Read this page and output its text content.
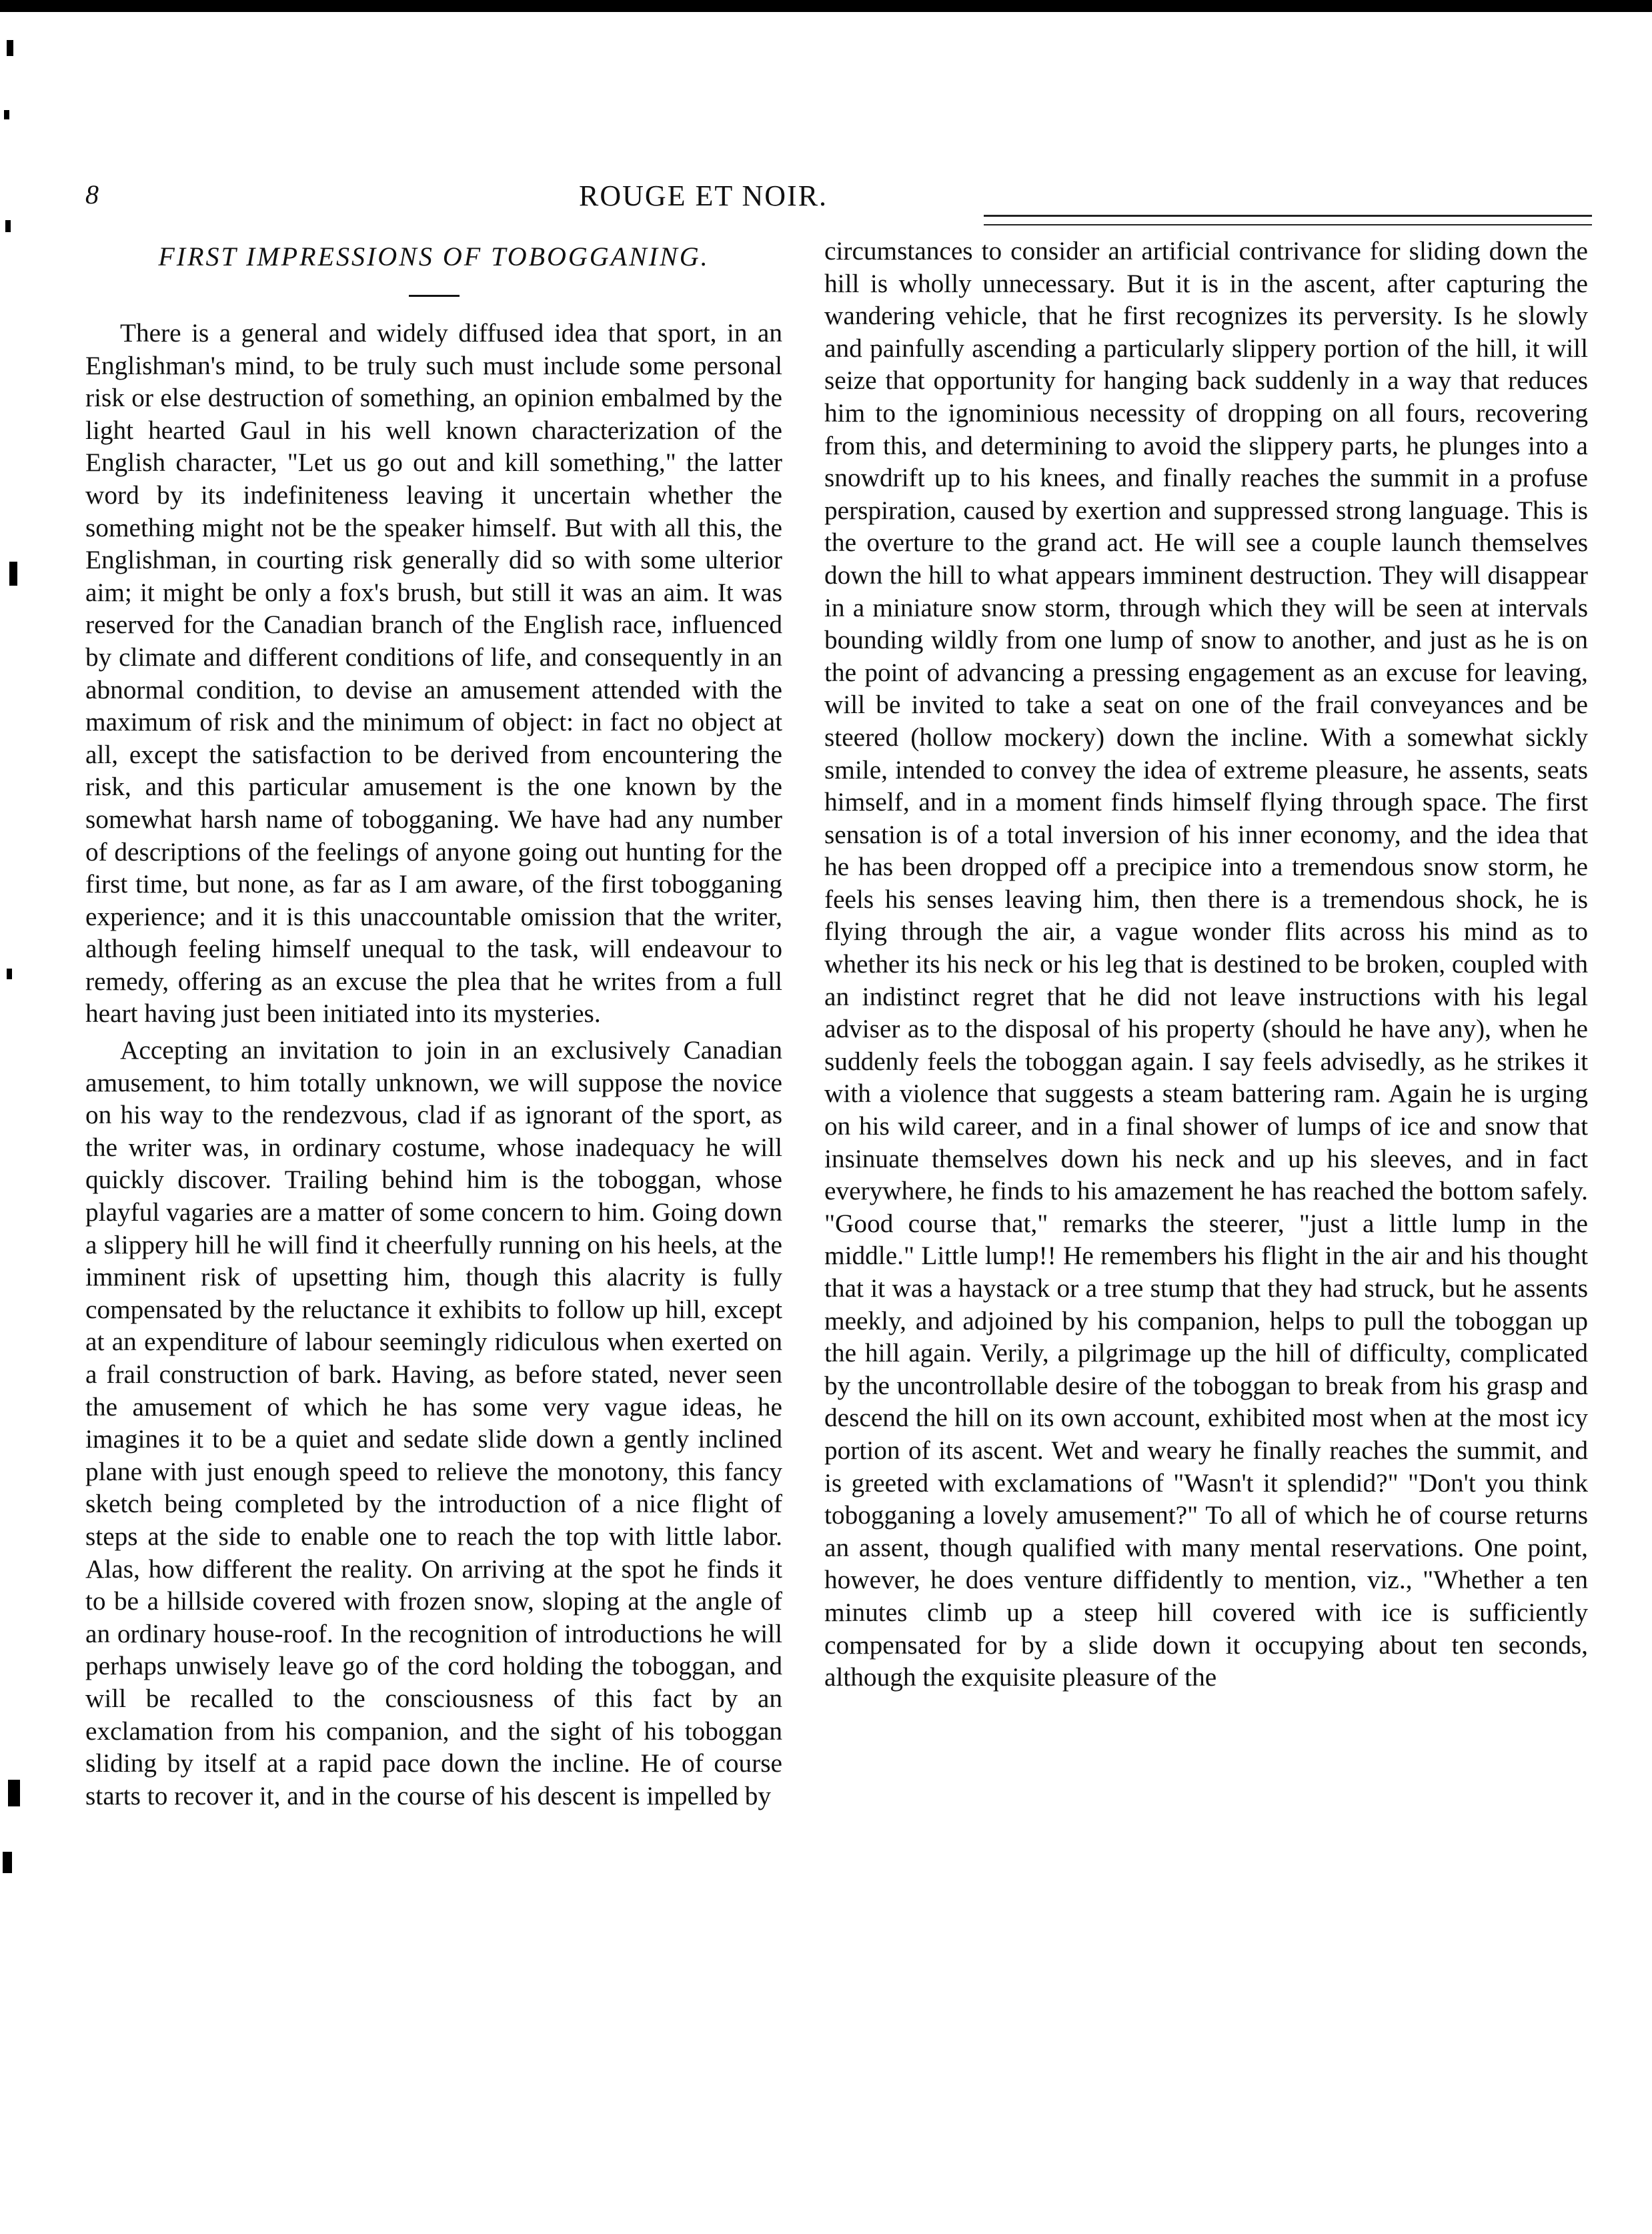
8	ROUGE ET NOIR.
FIRST IMPRESSIONS OF TOBOGGANING.

There is a general and widely diffused idea that sport, in an Englishman's mind, to be truly such must include some personal risk or else destruction of something, an opinion embalmed by the light hearted Gaul in his well known characterization of the English character, "Let us go out and kill something," the latter word by its indefiniteness leaving it uncertain whether the something might not be the speaker himself. But with all this, the Englishman, in courting risk generally did so with some ulterior aim; it might be only a fox's brush, but still it was an aim. It was reserved for the Canadian branch of the English race, influenced by climate and different conditions of life, and consequently in an abnormal condition, to devise an amusement attended with the maximum of risk and the minimum of object: in fact no object at all, except the satisfaction to be derived from encountering the risk, and this particular amusement is the one known by the somewhat harsh name of tobogganing. We have had any number of descriptions of the feelings of anyone going out hunting for the first time, but none, as far as I am aware, of the first tobogganing experience; and it is this unaccountable omission that the writer, although feeling himself unequal to the task, will endeavour to remedy, offering as an excuse the plea that he writes from a full heart having just been initiated into its mysteries.

Accepting an invitation to join in an exclusively Canadian amusement, to him totally unknown, we will suppose the novice on his way to the rendezvous, clad if as ignorant of the sport, as the writer was, in ordinary costume, whose inadequacy he will quickly discover. Trailing behind him is the toboggan, whose playful vagaries are a matter of some concern to him. Going down a slippery hill he will find it cheerfully running on his heels, at the imminent risk of upsetting him, though this alacrity is fully compensated by the reluctance it exhibits to follow up hill, except at an expenditure of labour seemingly ridiculous when exerted on a frail construction of bark. Having, as before stated, never seen the amusement of which he has some very vague ideas, he imagines it to be a quiet and sedate slide down a gently inclined plane with just enough speed to relieve the monotony, this fancy sketch being completed by the introduction of a nice flight of steps at the side to enable one to reach the top with little labor. Alas, how different the reality. On arriving at the spot he finds it to be a hillside covered with frozen snow, sloping at the angle of an ordinary house-roof. In the recognition of introductions he will perhaps unwisely leave go of the cord holding the toboggan, and will be recalled to the consciousness of this fact by an exclamation from his companion, and the sight of his toboggan sliding by itself at a rapid pace down the incline. He of course starts to recover it, and in the course of his descent is impelled by

circumstances to consider an artificial contrivance for sliding down the hill is wholly unnecessary. But it is in the ascent, after capturing the wandering vehicle, that he first recognizes its perversity. Is he slowly and painfully ascending a particularly slippery portion of the hill, it will seize that opportunity for hanging back suddenly in a way that reduces him to the ignominious necessity of dropping on all fours, recovering from this, and determining to avoid the slippery parts, he plunges into a snowdrift up to his knees, and finally reaches the summit in a profuse perspiration, caused by exertion and suppressed strong language. This is the overture to the grand act. He will see a couple launch themselves down the hill to what appears imminent destruction. They will disappear in a miniature snow storm, through which they will be seen at intervals bounding wildly from one lump of snow to another, and just as he is on the point of advancing a pressing engagement as an excuse for leaving, will be invited to take a seat on one of the frail conveyances and be steered (hollow mockery) down the incline. With a somewhat sickly smile, intended to convey the idea of extreme pleasure, he assents, seats himself, and in a moment finds himself flying through space. The first sensation is of a total inversion of his inner economy, and the idea that he has been dropped off a precipice into a tremendous snow storm, he feels his senses leaving him, then there is a tremendous shock, he is flying through the air, a vague wonder flits across his mind as to whether its his neck or his leg that is destined to be broken, coupled with an indistinct regret that he did not leave instructions with his legal adviser as to the disposal of his property (should he have any), when he suddenly feels the toboggan again. I say feels advisedly, as he strikes it with a violence that suggests a steam battering ram. Again he is urging on his wild career, and in a final shower of lumps of ice and snow that insinuate themselves down his neck and up his sleeves, and in fact everywhere, he finds to his amazement he has reached the bottom safely. "Good course that," remarks the steerer, "just a little lump in the middle." Little lump!! He remembers his flight in the air and his thought that it was a haystack or a tree stump that they had struck, but he assents meekly, and adjoined by his companion, helps to pull the toboggan up the hill again. Verily, a pilgrimage up the hill of difficulty, complicated by the uncontrollable desire of the toboggan to break from his grasp and descend the hill on its own account, exhibited most when at the most icy portion of its ascent. Wet and weary he finally reaches the summit, and is greeted with exclamations of "Wasn't it splendid?" "Don't you think tobogganing a lovely amusement?" To all of which he of course returns an assent, though qualified with many mental reservations. One point, however, he does venture diffidently to mention, viz., "Whether a ten minutes climb up a steep hill covered with ice is sufficiently compensated for by a slide down it occupying about ten seconds, although the exquisite pleasure of the
